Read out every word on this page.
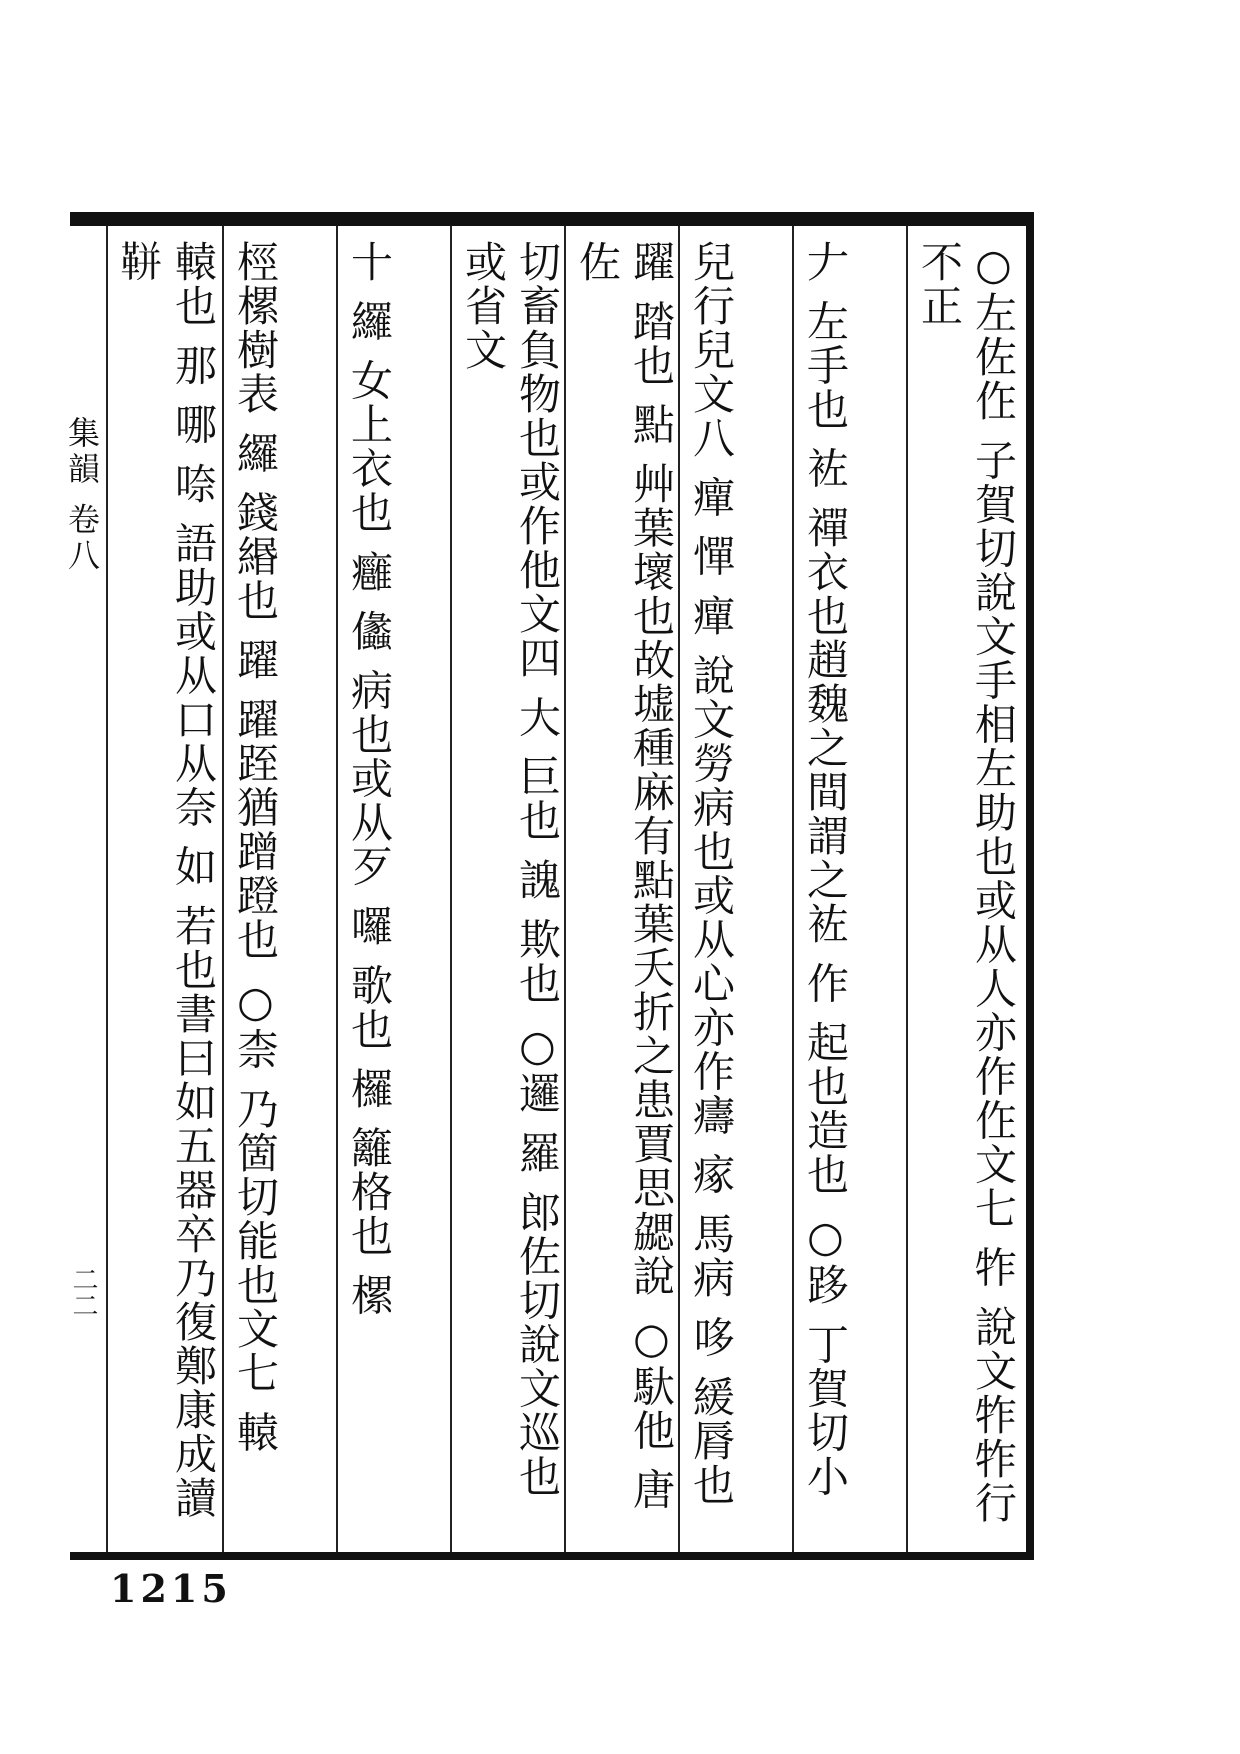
集韻 卷八
二二	○左佐㑅 子賀切說文手相左助也或从人亦作㑅文七 㸲 說文㸲㸲行不正
𠂇 左手也 袏 禪衣也趙魏之間謂之袏 作 起也造也 ○跢 丁賀切小
兒行兒文八 癉 憚 癉 說文勞病也或从心亦作㿒 瘃 馬病 哆 緩脣也
躍 踏也 點 艸葉壞也故墟種麻有點葉夭折之患賈思勰說 ○馱他 唐佐
切畜負物也或作他文四 大 巨也 謉 欺也 ○邏 羅 郎佐切說文巡也或省文
十 纙 女上衣也 癰 㒩 病也或从歹 囉 歌也 欏 籬格也 樏
桱樏樹表 纙 錢緡也 躍 躍跮猶蹭蹬也 ○柰 乃箇切能也文七 轅
轅也 那 哪 㖠 語助或从口从奈 如 若也書曰如五器卒乃復鄭康成讀 𩊖
1215
